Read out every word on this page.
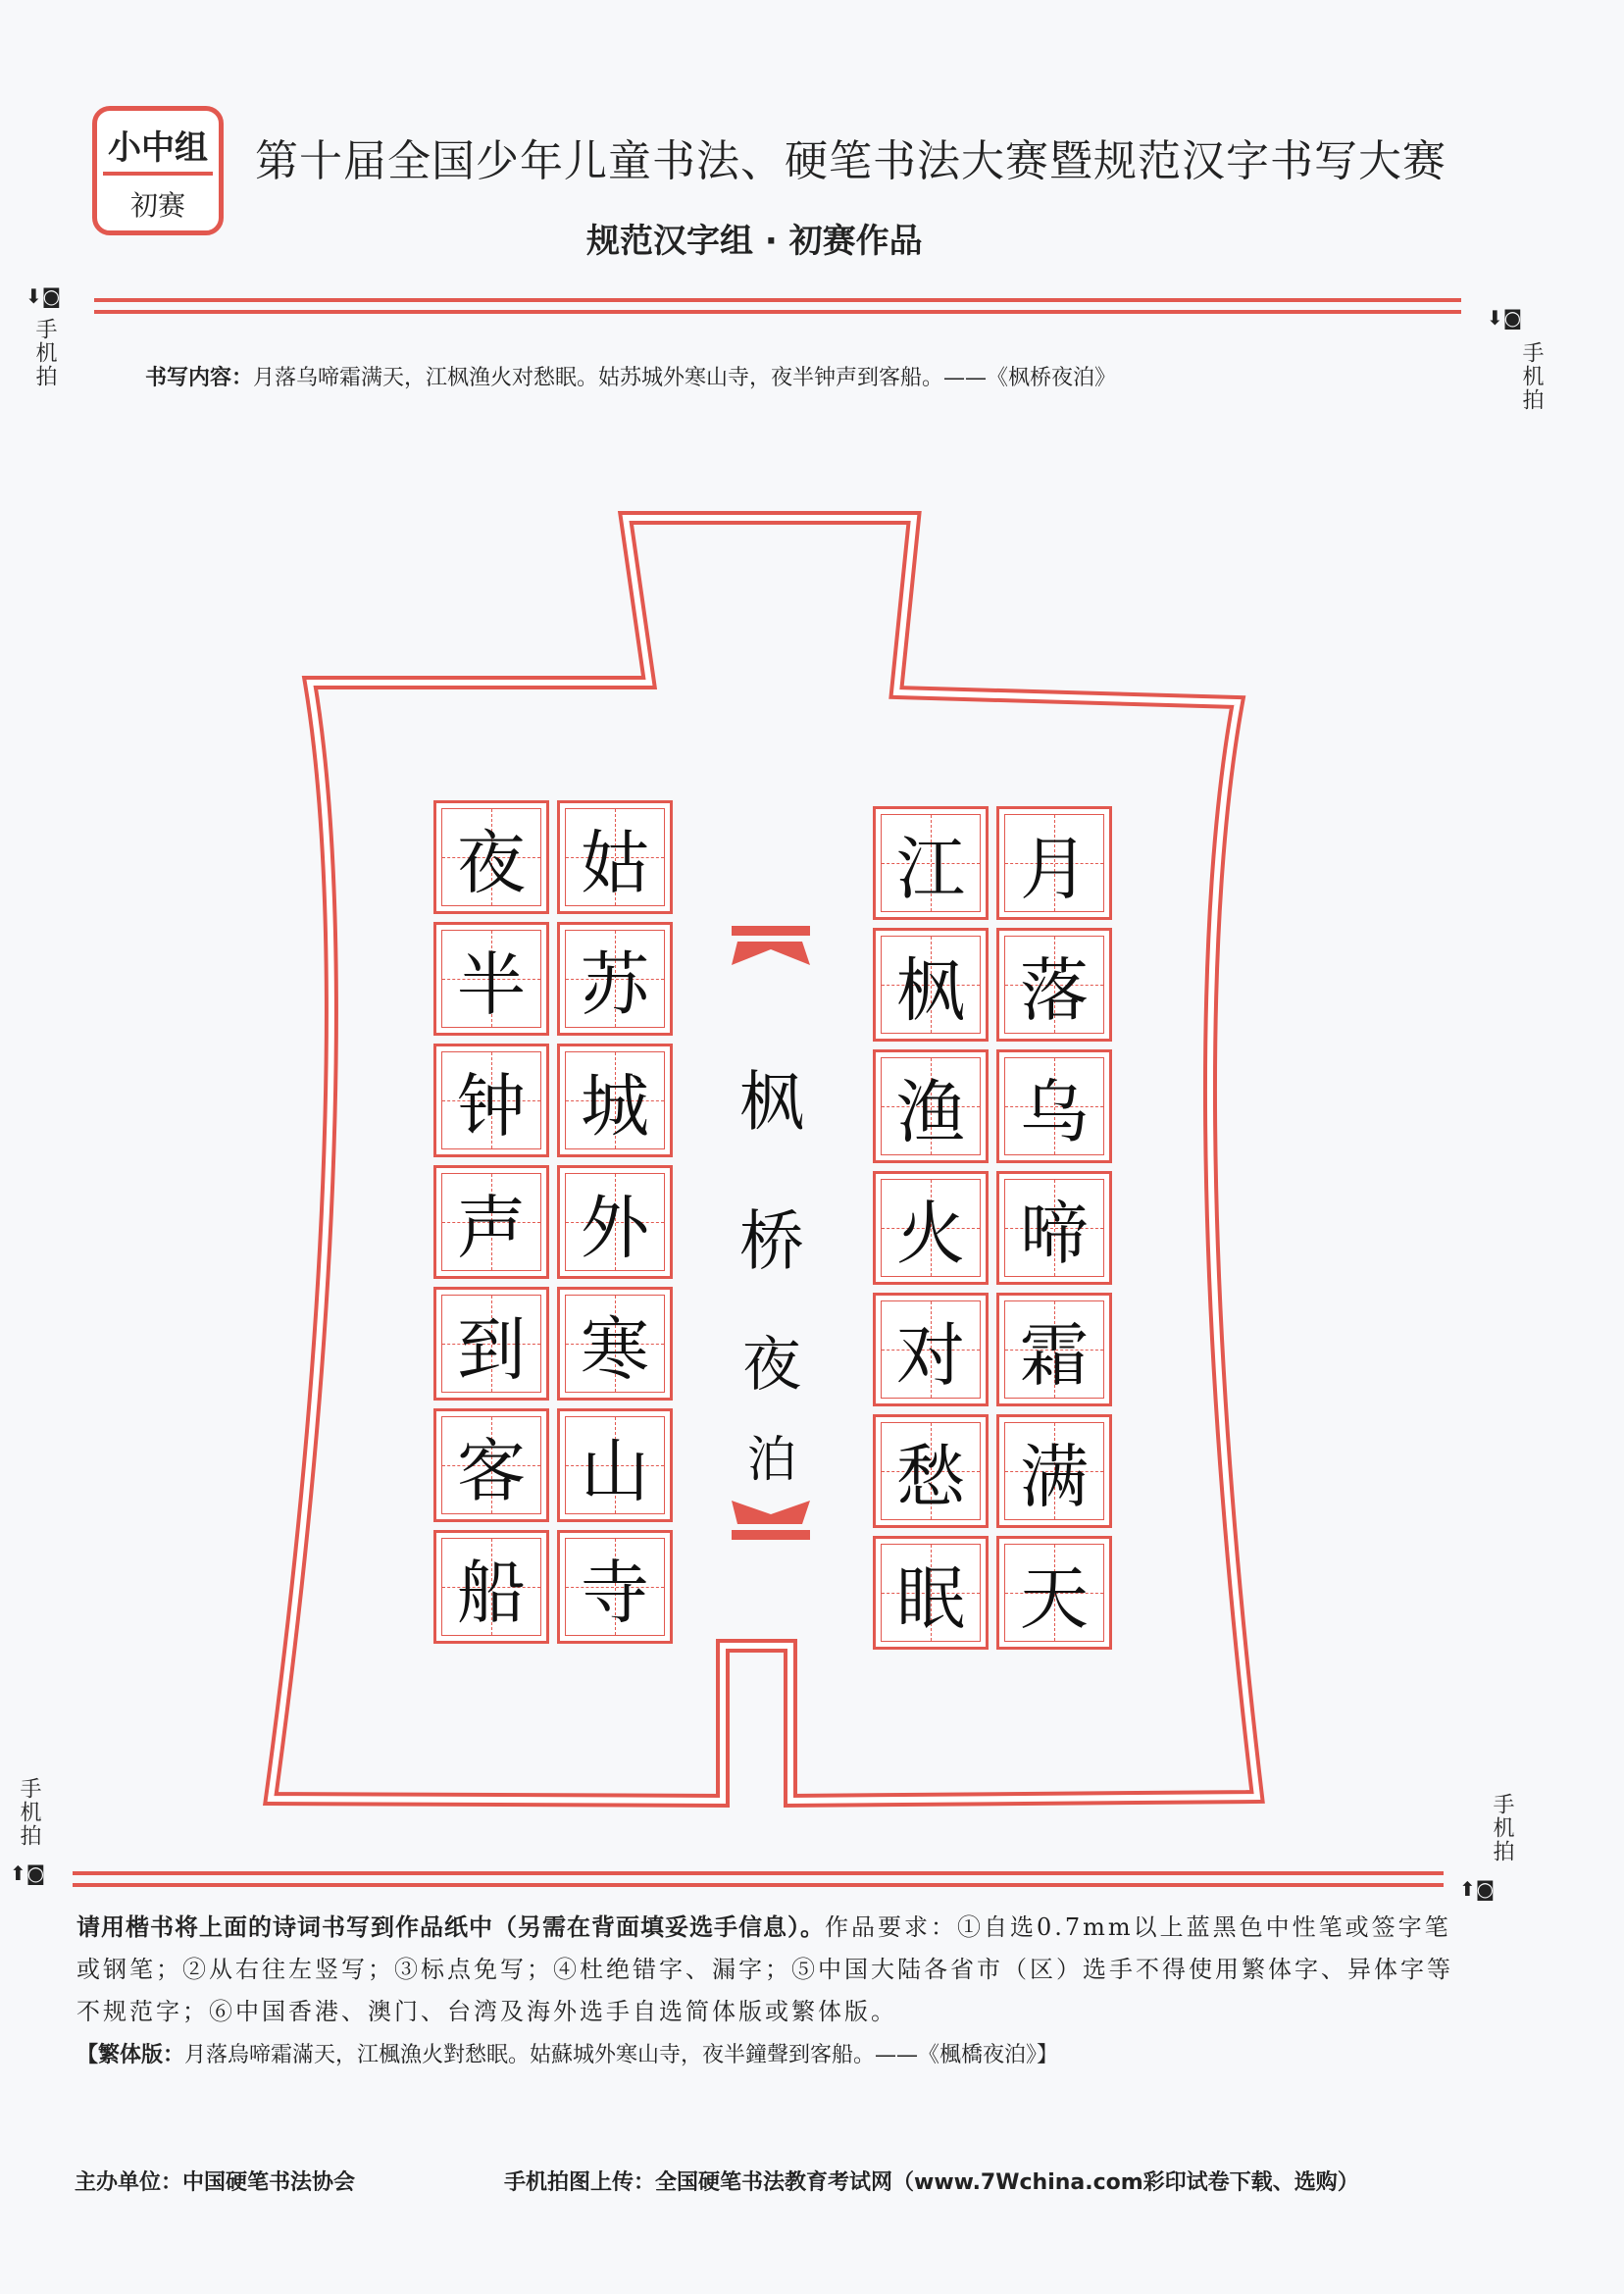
小中组
初赛
第十届全国少年儿童书法、硬笔书法大赛暨规范汉字书写大赛
规范汉字组 · 初赛作品
⬇◙
手机拍	⬇◙
手机拍
书写内容：月落乌啼霜满天，江枫渔火对愁眠。姑苏城外寒山寺，夜半钟声到客船。——《枫桥夜泊》
枫
桥
夜
泊
月
落
乌
啼
霜
满
天
江
枫
渔
火
对
愁
眠
姑
苏
城
外
寒
山
寺
夜
半
钟
声
到
客
船
手机拍
⬆◙
手机拍
⬆◙
请用楷书将上面的诗词书写到作品纸中（另需在背面填妥选手信息）。作品要求：①自选0.7mm以上蓝黑色中性笔或签字笔或钢笔；②从右往左竖写；③标点免写；④杜绝错字、漏字；⑤中国大陆各省市（区）选手不得使用繁体字、异体字等不规范字；⑥中国香港、澳门、台湾及海外选手自选简体版或繁体版。
【繁体版：月落烏啼霜滿天，江楓漁火對愁眠。姑蘇城外寒山寺，夜半鐘聲到客船。——《楓橋夜泊》】
主办单位：中国硬笔书法协会	手机拍图上传：全国硬笔书法教育考试网（www.7Wchina.com彩印试卷下载、选购）
